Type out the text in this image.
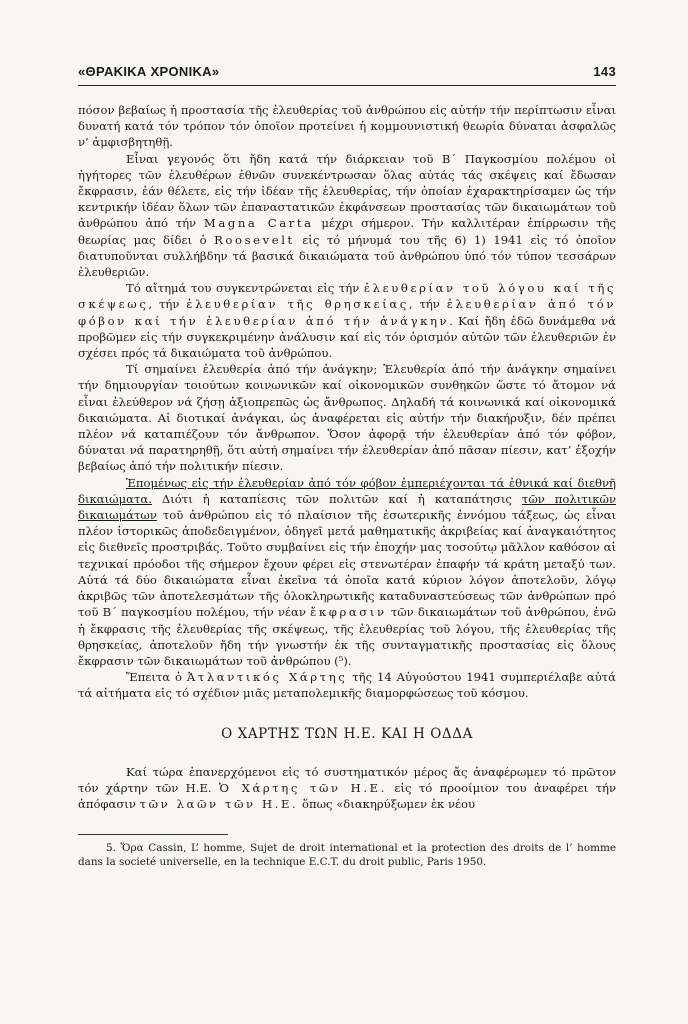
«ΘΡΑΚΙΚΑ ΧΡΟΝΙΚΑ»	143

πόσον βεβαίως ἡ προστασία τῆς ἐλευθερίας τοῦ ἀνθρώπου εἰς αὐτήν τήν περίπτωσιν εἶναι δυνατή κατά τόν τρόπον τόν ὁποῖον προτείνει ἡ κομμουνιστική θεωρία δύναται ἀσφαλῶς ν’ ἀμφισβητηθῇ.

Εἶναι γεγονός ὅτι ἤδη κατά τήν διάρκειαν τοῦ Β΄ Παγκοσμίου πολέμου οἱ ἡγήτορες τῶν ἐλευθέρων ἐθνῶν συνεκέντρωσαν ὅλας αὐτάς τάς σκέψεις καί ἔδωσαν ἔκφρασιν, ἐάν θέλετε, εἰς τήν ἰδέαν τῆς ἐλευθερίας, τήν ὁποίαν ἐχαρακτηρίσαμεν ὡς τήν κεντρικήν ἰδέαν ὅλων τῶν ἐπαναστατικῶν ἐκφάνσεων προστασίας τῶν δικαιωμάτων τοῦ ἀνθρώπου ἀπό τήν Magna Carta μέχρι σήμερον. Τήν καλλιτέραν ἐπίρρωσιν τῆς θεωρίας μας δίδει ὁ Roosevelt εἰς τό μήνυμά του τῆς 6) 1) 1941 εἰς τό ὁποῖον διατυποῦνται συλλήβδην τά βασικά δικαιώματα τοῦ ἀνθρώπου ὑπό τόν τύπον τεσσάρων ἐλευθεριῶν.

Τό αἴτημά του συγκεντρώνεται εἰς τήν ἐλευθερίαν τοῦ λόγου καί τῆς σκέψεως, τήν ἐλευθερίαν τῆς θρησκείας, τήν ἐλευθερίαν ἀπό τόν φόβον καί τήν ἐλευθερίαν ἀπό τήν ἀνάγκην. Καί ἤδη ἐδῶ δυνάμεθα νά προβῶμεν εἰς τήν συγκεκριμένην ἀνάλυσιν καί εἰς τόν ὁρισμόν αὐτῶν τῶν ἐλευθεριῶν ἐν σχέσει πρός τά δικαιώματα τοῦ ἀνθρώπου.

Τί σημαίνει ἐλευθερία ἀπό τήν ἀνάγκην; Ἐλευθερία ἀπό τήν ἀνάγκην σημαίνει τήν δημιουργίαν τοιούτων κοινωνικῶν καί οἰκονομικῶν συνθηκῶν ὥστε τό ἄτομον νά εἶναι ἐλεύθερον νά ζήσῃ ἀξιοπρεπῶς ὡς ἄνθρωπος. Δηλαδή τά κοινωνικά καί οἰκονομικά δικαιώματα. Αἱ διοτικαί ἀνάγκαι, ὡς ἀναφέρεται εἰς αὐτήν τήν διακήρυξιν, δέν πρέπει πλέον νά καταπιέζουν τόν ἄνθρωπον. Ὅσον ἀφορᾷ τήν ἐλευθερίαν ἀπό τόν φόβον, δύναται νά παρατηρηθῇ, ὅτι αὐτή σημαίνει τήν ἐλευθερίαν ἀπό πᾶσαν πίεσιν, κατ’ ἐξοχήν βεβαίως ἀπό τήν πολιτικήν πίεσιν.

Ἐπομένως εἰς τήν ἐλευθερίαν ἀπό τόν φόβον ἐμπεριέχονται τά ἐθνικά καί διεθνῆ δικαιώματα. Διότι ἡ καταπίεσις τῶν πολιτῶν καί ἡ καταπάτησις τῶν πολιτικῶν δικαιωμάτων τοῦ ἀνθρώπου εἰς τό πλαίσιον τῆς ἐσωτερικῆς ἐννόμου τάξεως, ὡς εἶναι πλέον ἱστορικῶς ἀποδεδειγμένον, ὁδηγεῖ μετά μαθηματικῆς ἀκριβείας καί ἀναγκαιότητος εἰς διεθνεῖς προστριβάς. Τοῦτο συμβαίνει εἰς τήν ἐποχήν μας τοσούτῳ μᾶλλον καθόσον αἱ τεχνικαί πρόοδοι τῆς σήμερον ἔχουν φέρει εἰς στενωτέραν ἐπαφήν τά κράτη μεταξύ των. Αὐτά τά δύο δικαιώματα εἶναι ἐκεῖνα τά ὁποῖα κατά κύριον λόγον ἀποτελοῦν, λόγῳ ἀκριβῶς τῶν ἀποτελεσμάτων τῆς ὁλοκληρωτικῆς καταδυναστεύσεως τῶν ἀνθρώπων πρό τοῦ Β΄ παγκοσμίου πολέμου, τήν νέαν ἔκφρασιν τῶν δικαιωμάτων τοῦ ἀνθρώπου, ἐνῶ ἡ ἔκφρασις τῆς ἐλευθερίας τῆς σκέψεως, τῆς ἐλευθερίας τοῦ λόγου, τῆς ἐλευθερίας τῆς θρησκείας, ἀποτελοῦν ἤδη τήν γνωστήν ἐκ τῆς συνταγματικῆς προστασίας εἰς ὅλους ἔκφρασιν τῶν δικαιωμάτων τοῦ ἀνθρώπου (⁵).

Ἔπειτα ὁ Ἀτλαντικός Χάρτης τῆς 14 Αὐγούστου 1941 συμπεριέλαβε αὐτά τά αἰτήματα εἰς τό σχέδιον μιᾶς μεταπολεμικῆς διαμορφώσεως τοῦ κόσμου.

Ο ΧΑΡΤΗΣ ΤΩΝ Η.Ε. ΚΑΙ Η ΟΔΔΑ

Καί τώρα ἐπανερχόμενοι εἰς τό συστηματικόν μέρος ἄς ἀναφέρωμεν τό πρῶτον τόν χάρτην τῶν Η.Ε. Ὁ Χάρτης τῶν Η.Ε. εἰς τό προοίμιον του ἀναφέρει τήν ἀπόφασιν τῶν λαῶν τῶν Η.Ε. ὅπως «διακηρύξωμεν ἐκ νέου

5. Ὅρα Cassin, L’ homme, Sujet de droit international et la protection des droits de l’ homme dans la societé universelle, en la technique E.C.T. du droit public, Paris 1950.
